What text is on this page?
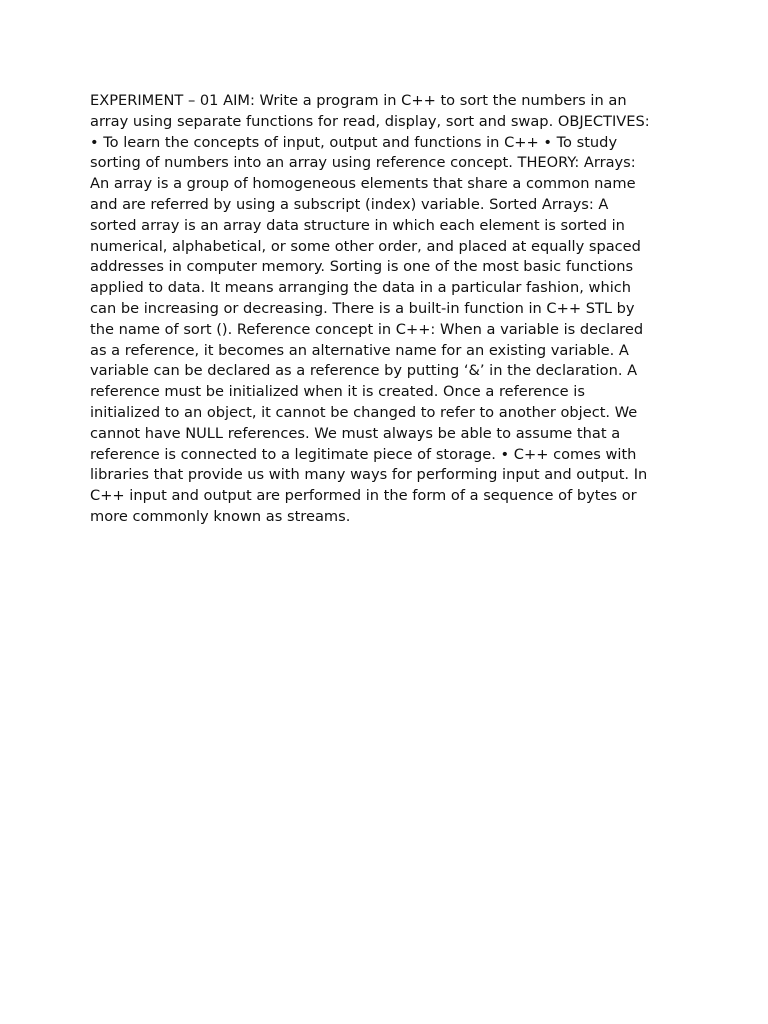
EXPERIMENT – 01 AIM: Write a program in C++ to sort the numbers in an
array using separate functions for read, display, sort and swap. OBJECTIVES:
• To learn the concepts of input, output and functions in C++ • To study
sorting of numbers into an array using reference concept. THEORY: Arrays:
An array is a group of homogeneous elements that share a common name
and are referred by using a subscript (index) variable. Sorted Arrays: A
sorted array is an array data structure in which each element is sorted in
numerical, alphabetical, or some other order, and placed at equally spaced
addresses in computer memory. Sorting is one of the most basic functions
applied to data. It means arranging the data in a particular fashion, which
can be increasing or decreasing. There is a built-in function in C++ STL by
the name of sort (). Reference concept in C++: When a variable is declared
as a reference, it becomes an alternative name for an existing variable. A
variable can be declared as a reference by putting ‘&’ in the declaration. A
reference must be initialized when it is created. Once a reference is
initialized to an object, it cannot be changed to refer to another object. We
cannot have NULL references. We must always be able to assume that a
reference is connected to a legitimate piece of storage. • C++ comes with
libraries that provide us with many ways for performing input and output. In
C++ input and output are performed in the form of a sequence of bytes or
more commonly known as streams.
